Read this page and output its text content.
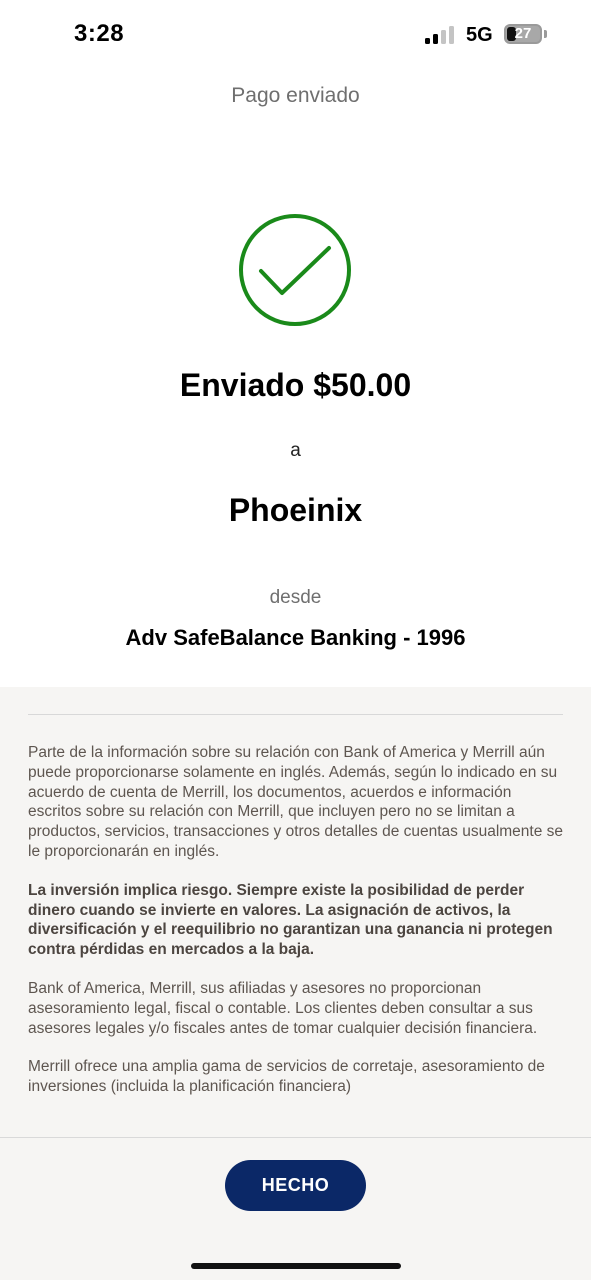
3:28	5G	27
Pago enviado
Enviado $50.00
a
Phoeinix
desde
Adv SafeBalance Banking - 1996

Parte de la información sobre su relación con Bank of America y Merrill aún puede proporcionarse solamente en inglés. Además, según lo indicado en su acuerdo de cuenta de Merrill, los documentos, acuerdos e información escritos sobre su relación con Merrill, que incluyen pero no se limitan a productos, servicios, transacciones y otros detalles de cuentas usualmente se le proporcionarán en inglés.

La inversión implica riesgo. Siempre existe la posibilidad de perder dinero cuando se invierte en valores. La asignación de activos, la diversificación y el reequilibrio no garantizan una ganancia ni protegen contra pérdidas en mercados a la baja.

Bank of America, Merrill, sus afiliadas y asesores no proporcionan asesoramiento legal, fiscal o contable. Los clientes deben consultar a sus asesores legales y/o fiscales antes de tomar cualquier decisión financiera.

Merrill ofrece una amplia gama de servicios de corretaje, asesoramiento de inversiones (incluida la planificación financiera)

HECHO
